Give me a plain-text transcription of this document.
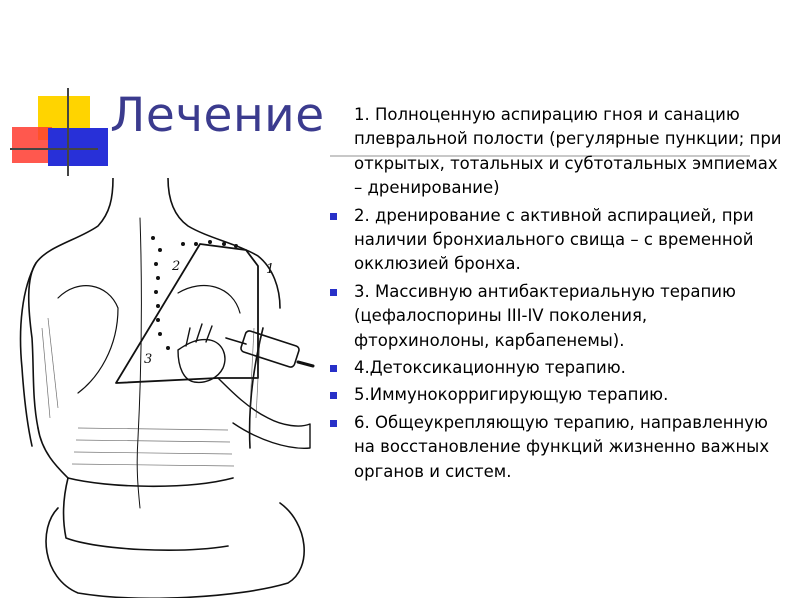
Лечение	1. Полноценную аспирацию гноя и санацию плевральной полости (регулярные пункции; при открытых, тотальных и субтотальных эмпиемах – дренирование)
2. дренирование с активной аспирацией, при наличии бронхиального свища – с временной окклюзией бронха.
3. Массивную антибактериальную терапию (цефалоспорины III-IV поколения, фторхинолоны, карбапенемы).
4.Детоксикационную терапию.
5.Иммунокорригирующую терапию.
6. Общеукрепляющую терапию, направленную на восстановление функций жизненно важных органов и систем.
1
2
3
